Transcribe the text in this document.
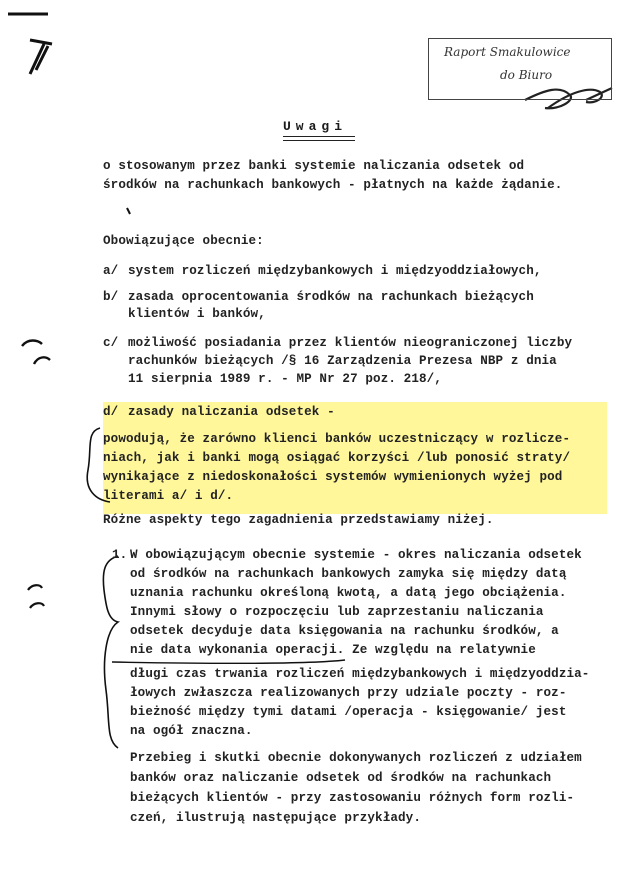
Raport Smakulowice
do Biuro
Uwagi
o stosowanym przez banki systemie naliczania odsetek od
środków na rachunkach bankowych - płatnych na każde żądanie.
Obowiązujące obecnie:
a/ system rozliczeń międzybankowych i międzyoddziałowych,
b/ zasada oprocentowania środków na rachunkach bieżących
klientów i banków,
c/ możliwość posiadania przez klientów nieograniczonej liczby
rachunków bieżących /§ 16 Zarządzenia Prezesa NBP z dnia
11 sierpnia 1989 r. - MP Nr 27 poz. 218/,
d/ zasady naliczania odsetek -
powodują, że zarówno klienci banków uczestniczący w rozlicze-
niach, jak i banki mogą osiągać korzyści /lub ponosić straty/
wynikające z niedoskonałości systemów wymienionych wyżej pod
literami a/ i d/.
Różne aspekty tego zagadnienia przedstawiamy niżej.
1. W obowiązującym obecnie systemie - okres naliczania odsetek
od środków na rachunkach bankowych zamyka się między datą
uznania rachunku określoną kwotą, a datą jego obciążenia.
Innymi słowy o rozpoczęciu lub zaprzestaniu naliczania
odsetek decyduje data księgowania na rachunku środków, a
nie data wykonania operacji. Ze względu na relatywnie
długi czas trwania rozliczeń międzybankowych i międzyoddzia-
łowych zwłaszcza realizowanych przy udziale poczty - roz-
bieżność między tymi datami /operacja - księgowanie/ jest
na ogół znaczna.
Przebieg i skutki obecnie dokonywanych rozliczeń z udziałem
banków oraz naliczanie odsetek od środków na rachunkach
bieżących klientów - przy zastosowaniu różnych form rozli-
czeń, ilustrują następujące przykłady.
